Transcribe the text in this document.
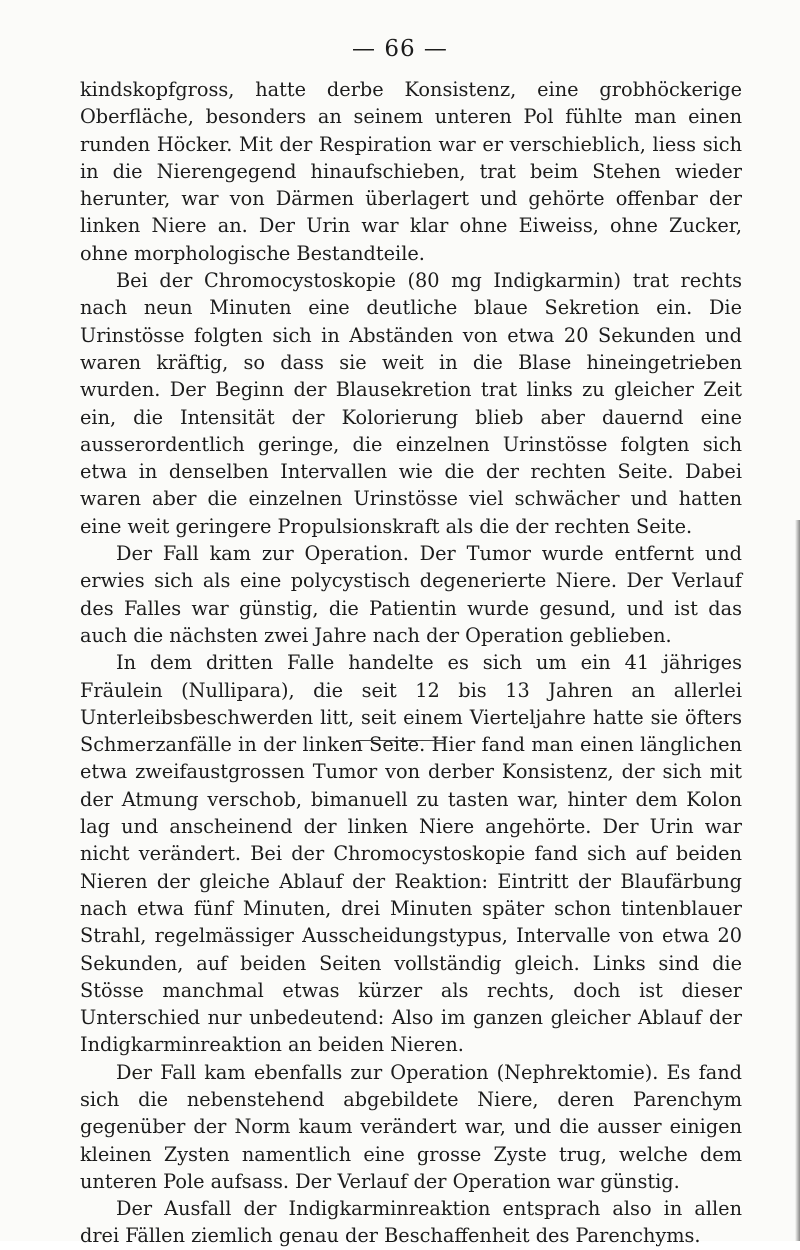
— 66 —

kindskopfgross, hatte derbe Konsistenz, eine grobhöckerige Oberfläche, besonders an seinem unteren Pol fühlte man einen runden Höcker. Mit der Respiration war er verschieblich, liess sich in die Nierengegend hinaufschieben, trat beim Stehen wieder herunter, war von Därmen überlagert und gehörte offenbar der linken Niere an. Der Urin war klar ohne Eiweiss, ohne Zucker, ohne morphologische Bestandteile.

Bei der Chromocystoskopie (80 mg Indigkarmin) trat rechts nach neun Minuten eine deutliche blaue Sekretion ein. Die Urinstösse folgten sich in Abständen von etwa 20 Sekunden und waren kräftig, so dass sie weit in die Blase hineingetrieben wurden. Der Beginn der Blausekretion trat links zu gleicher Zeit ein, die Intensität der Kolorierung blieb aber dauernd eine ausserordentlich geringe, die einzelnen Urinstösse folgten sich etwa in denselben Intervallen wie die der rechten Seite. Dabei waren aber die einzelnen Urinstösse viel schwächer und hatten eine weit geringere Propulsionskraft als die der rechten Seite.

Der Fall kam zur Operation. Der Tumor wurde entfernt und erwies sich als eine polycystisch degenerierte Niere. Der Verlauf des Falles war günstig, die Patientin wurde gesund, und ist das auch die nächsten zwei Jahre nach der Operation geblieben.

In dem dritten Falle handelte es sich um ein 41 jähriges Fräulein (Nullipara), die seit 12 bis 13 Jahren an allerlei Unterleibsbeschwerden litt, seit einem Vierteljahre hatte sie öfters Schmerzanfälle in der linken Seite. Hier fand man einen länglichen etwa zweifaustgrossen Tumor von derber Konsistenz, der sich mit der Atmung verschob, bimanuell zu tasten war, hinter dem Kolon lag und anscheinend der linken Niere angehörte. Der Urin war nicht verändert. Bei der Chromocystoskopie fand sich auf beiden Nieren der gleiche Ablauf der Reaktion: Eintritt der Blaufärbung nach etwa fünf Minuten, drei Minuten später schon tintenblauer Strahl, regelmässiger Ausscheidungstypus, Intervalle von etwa 20 Sekunden, auf beiden Seiten vollständig gleich. Links sind die Stösse manchmal etwas kürzer als rechts, doch ist dieser Unterschied nur unbedeutend: Also im ganzen gleicher Ablauf der Indigkarminreaktion an beiden Nieren.

Der Fall kam ebenfalls zur Operation (Nephrektomie). Es fand sich die nebenstehend abgebildete Niere, deren Parenchym gegenüber der Norm kaum verändert war, und die ausser einigen kleinen Zysten namentlich eine grosse Zyste trug, welche dem unteren Pole aufsass. Der Verlauf der Operation war günstig.

Der Ausfall der Indigkarminreaktion entsprach also in allen drei Fällen ziemlich genau der Beschaffenheit des Parenchyms.
